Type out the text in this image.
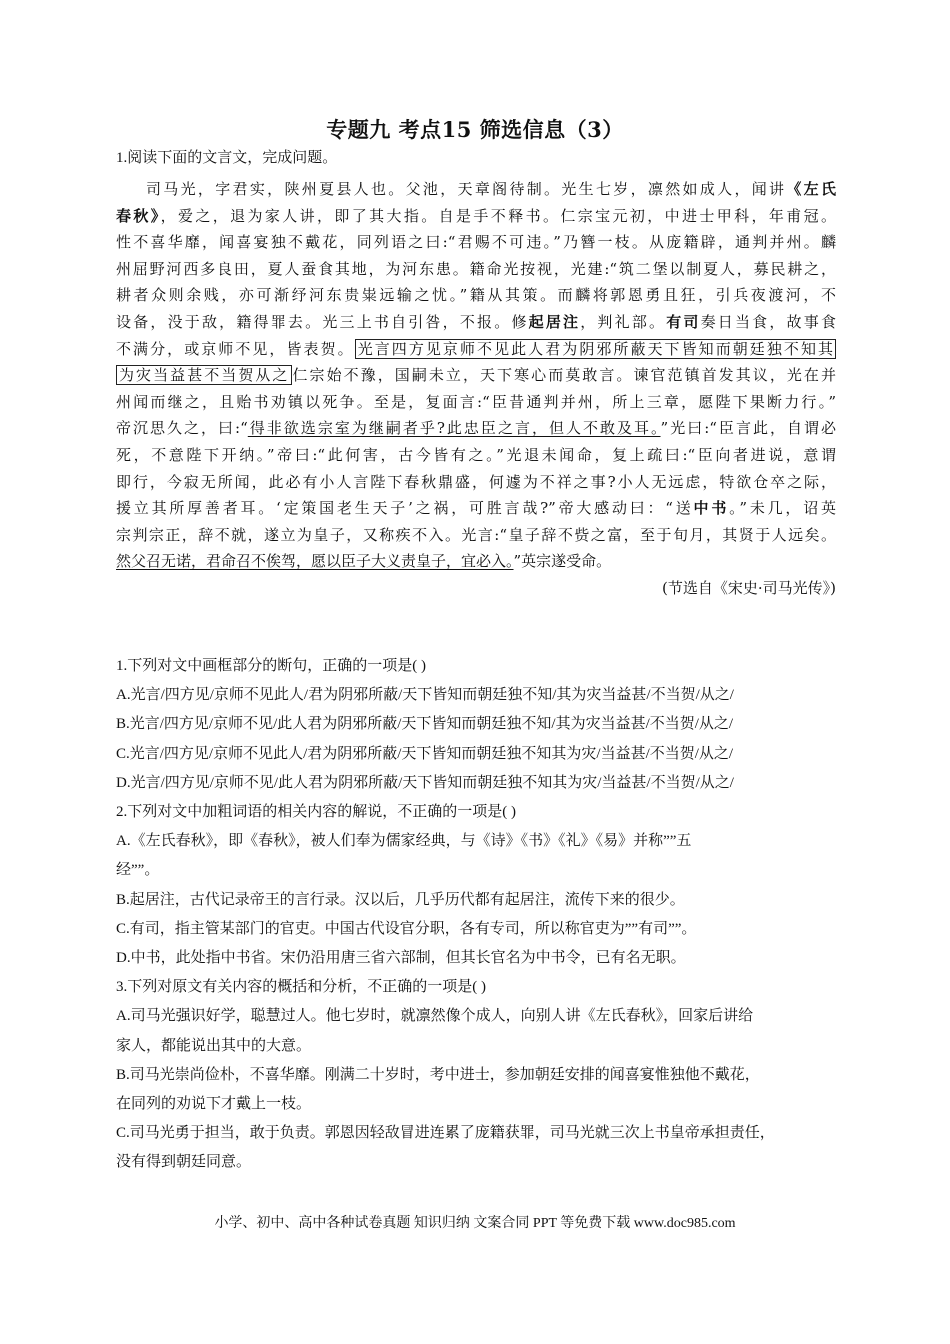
专题九 考点15 筛选信息（3）
1.阅读下面的文言文，完成问题。
司马光，字君实，陕州夏县人也。父池，天章阁待制。光生七岁，凛然如成人，闻讲《左氏
春秋》，爱之，退为家人讲，即了其大指。自是手不释书。仁宗宝元初，中进士甲科，年甫冠。
性不喜华靡，闻喜宴独不戴花，同列语之曰:“君赐不可违。”乃簪一枝。从庞籍辟，通判并州。麟
州屈野河西多良田，夏人蚕食其地，为河东患。籍命光按视，光建:“筑二堡以制夏人，募民耕之，
耕者众则余贱，亦可渐纾河东贵粜远输之忧。”籍从其策。而麟将郭恩勇且狂，引兵夜渡河，不
设备，没于敌，籍得罪去。光三上书自引咎，不报。修起居注，判礼部。有司奏日当食，故事食
不满分，或京师不见，皆表贺。 光言四方见京师不见此人君为阴邪所蔽天下皆知而朝廷独不知其
为灾当益甚不当贺从之 仁宗始不豫，国嗣未立，天下寒心而莫敢言。谏官范镇首发其议，光在并
州闻而继之，且贻书劝镇以死争。至是，复面言:“臣昔通判并州，所上三章，愿陛下果断力行。”
帝沉思久之，曰:“得非欲选宗室为继嗣者乎?此忠臣之言，但人不敢及耳。”光曰:“臣言此，自谓必
死，不意陛下开纳。”帝曰:“此何害，古今皆有之。”光退未闻命，复上疏曰:“臣向者进说，意谓
即行，今寂无所闻，此必有小人言陛下春秋鼎盛，何遽为不祥之事?小人无远虑，特欲仓卒之际，
援立其所厚善者耳。‘定策国老生天子’之祸，可胜言哉?”帝大感动曰：“送中书。”未几，诏英
宗判宗正，辞不就，遂立为皇子，又称疾不入。光言:“皇子辞不赀之富，至于旬月，其贤于人远矣。
然父召无诺，君命召不俟驾，愿以臣子大义责皇子，宜必入。”英宗遂受命。
(节选自《宋史·司马光传》)
1.下列对文中画框部分的断句，正确的一项是( )
A.光言/四方见/京师不见此人/君为阴邪所蔽/天下皆知而朝廷独不知/其为灾当益甚/不当贺/从之/
B.光言/四方见/京师不见/此人君为阴邪所蔽/天下皆知而朝廷独不知/其为灾当益甚/不当贺/从之/
C.光言/四方见/京师不见此人/君为阴邪所蔽/天下皆知而朝廷独不知其为灾/当益甚/不当贺/从之/
D.光言/四方见/京师不见/此人君为阴邪所蔽/天下皆知而朝廷独不知其为灾/当益甚/不当贺/从之/
2.下列对文中加粗词语的相关内容的解说，不正确的一项是( )
A.《左氏春秋》，即《春秋》，被人们奉为儒家经典，与《诗》《书》《礼》《易》并称””五
经””。
B.起居注，古代记录帝王的言行录。汉以后，几乎历代都有起居注，流传下来的很少。
C.有司，指主管某部门的官吏。中国古代设官分职，各有专司，所以称官吏为””有司””。
D.中书，此处指中书省。宋仍沿用唐三省六部制，但其长官名为中书令，已有名无职。
3.下列对原文有关内容的概括和分析，不正确的一项是( )
A.司马光强识好学，聪慧过人。他七岁时，就凛然像个成人，向别人讲《左氏春秋》，回家后讲给
家人，都能说出其中的大意。
B.司马光崇尚俭朴，不喜华靡。刚满二十岁时，考中进士，参加朝廷安排的闻喜宴惟独他不戴花，
在同列的劝说下才戴上一枝。
C.司马光勇于担当，敢于负责。郭恩因轻敌冒进连累了庞籍获罪，司马光就三次上书皇帝承担责任，
没有得到朝廷同意。
小学、初中、高中各种试卷真题 知识归纳 文案合同 PPT 等免费下载 www.doc985.com
